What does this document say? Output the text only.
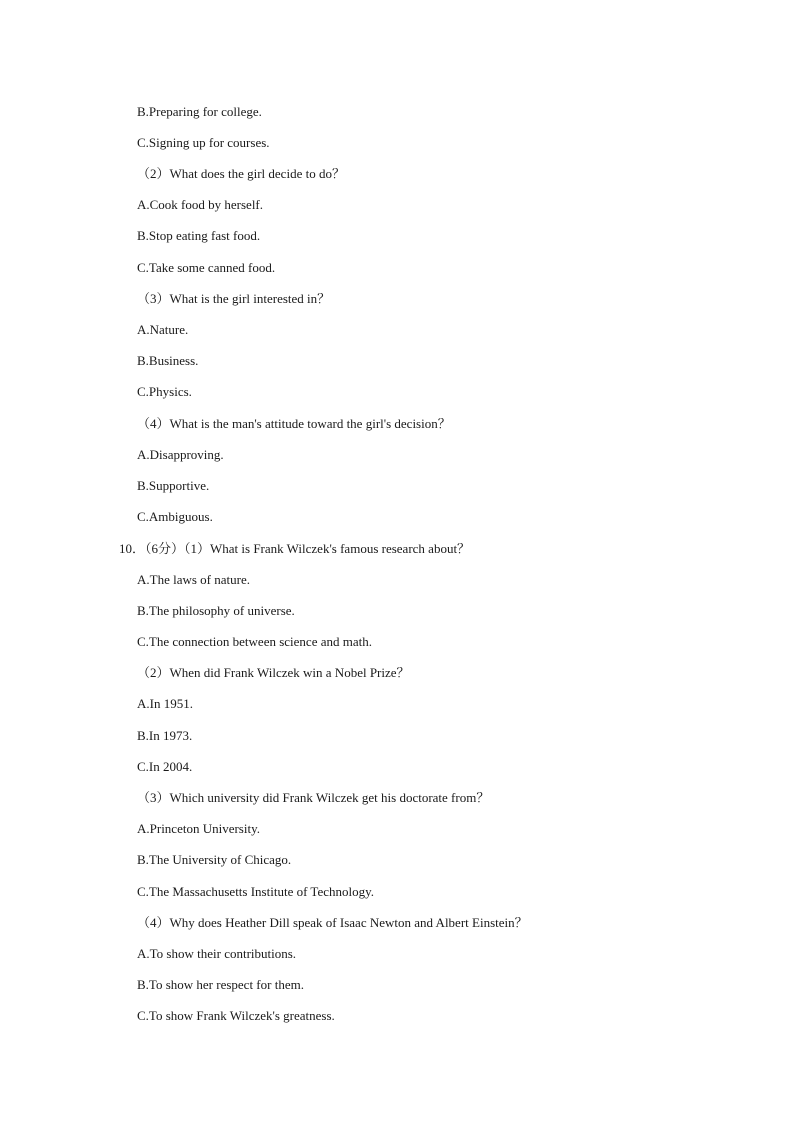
B.Preparing for college.
C.Signing up for courses.
（2）What does the girl decide to do？
A.Cook food by herself.
B.Stop eating fast food.
C.Take some canned food.
（3）What is the girl interested in？
A.Nature.
B.Business.
C.Physics.
（4）What is the man's attitude toward the girl's decision？
A.Disapproving.
B.Supportive.
C.Ambiguous.
10．（6分）（1）What is Frank Wilczek's famous research about？
A.The laws of nature.
B.The philosophy of universe.
C.The connection between science and math.
（2）When did Frank Wilczek win a Nobel Prize？
A.In 1951.
B.In 1973.
C.In 2004.
（3）Which university did Frank Wilczek get his doctorate from？
A.Princeton University.
B.The University of Chicago.
C.The Massachusetts Institute of Technology.
（4）Why does Heather Dill speak of Isaac Newton and Albert Einstein？
A.To show their contributions.
B.To show her respect for them.
C.To show Frank Wilczek's greatness.
